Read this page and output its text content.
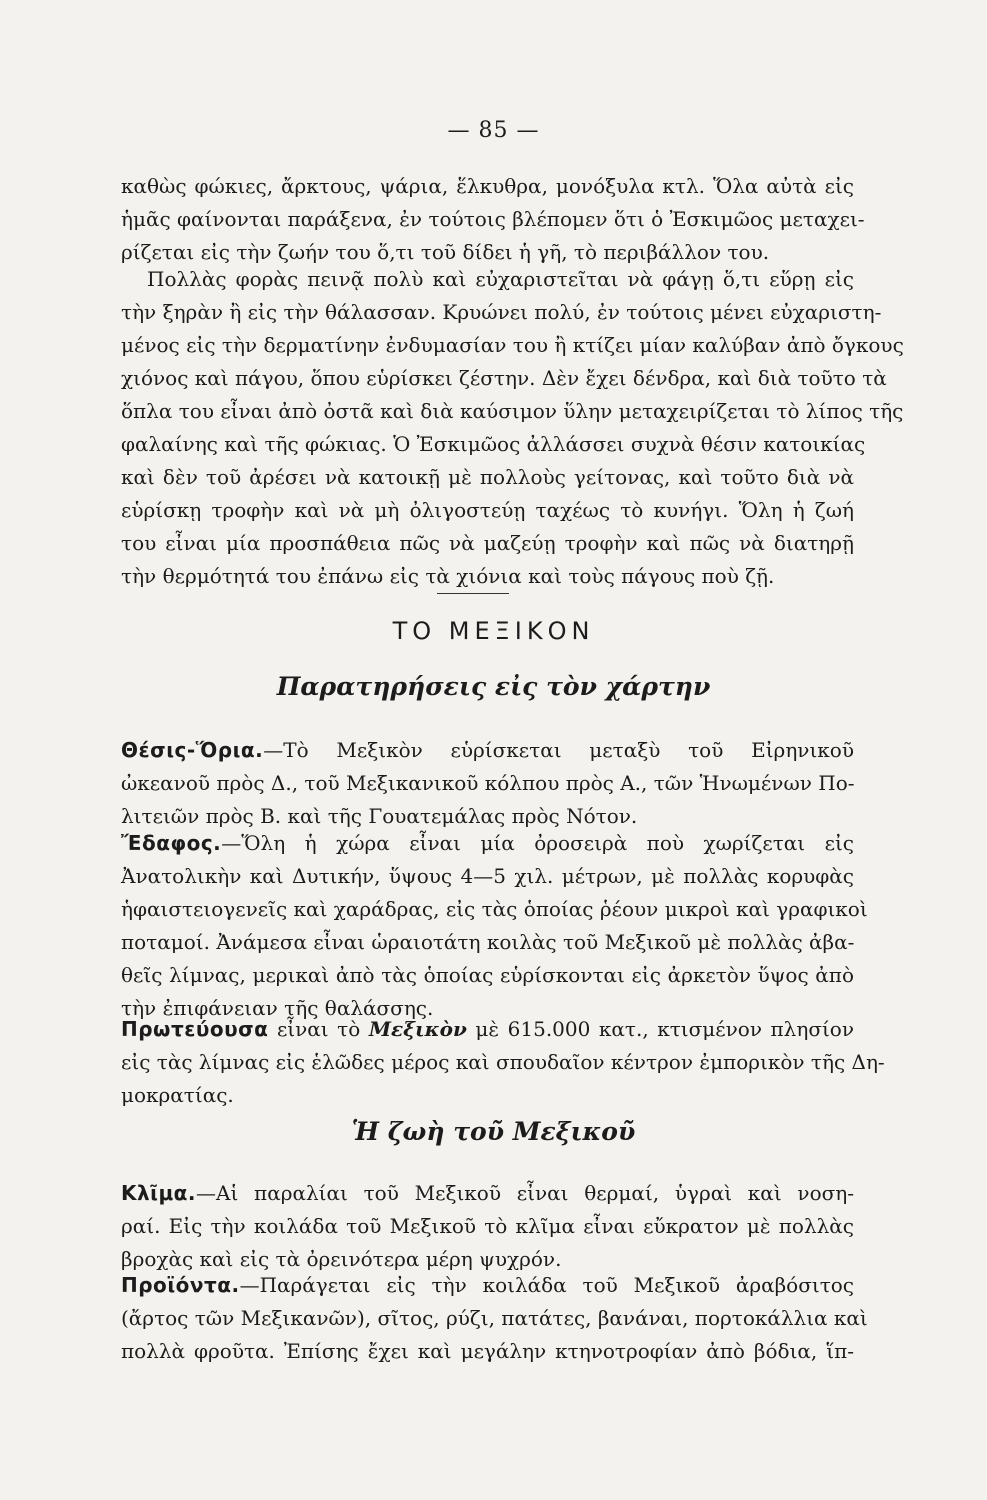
— 85 —
καθὼς φώκιες, ἄρκτους, ψάρια, ἕλκυθρα, μονόξυλα κτλ. Ὅλα αὐτὰ εἰς
ἡμᾶς φαίνονται παράξενα, ἐν τούτοις βλέπομεν ὅτι ὁ Ἐσκιμῶος μεταχει-
ρίζεται εἰς τὴν ζωήν του ὅ,τι τοῦ δίδει ἡ γῆ, τὸ περιβάλλον του.
Πολλὰς φορὰς πεινᾷ πολὺ καὶ εὐχαριστεῖται νὰ φάγῃ ὅ,τι εὕρῃ εἰς
τὴν ξηρὰν ἢ εἰς τὴν θάλασσαν. Κρυώνει πολύ, ἐν τούτοις μένει εὐχαριστη-
μένος εἰς τὴν δερματίνην ἐνδυμασίαν του ἢ κτίζει μίαν καλύβαν ἀπὸ ὄγκους
χιόνος καὶ πάγου, ὅπου εὑρίσκει ζέστην. Δὲν ἔχει δένδρα, καὶ διὰ τοῦτο τὰ
ὅπλα του εἶναι ἀπὸ ὀστᾶ καὶ διὰ καύσιμον ὕλην μεταχειρίζεται τὸ λίπος τῆς
φαλαίνης καὶ τῆς φώκιας. Ὁ Ἐσκιμῶος ἀλλάσσει συχνὰ θέσιν κατοικίας
καὶ δὲν τοῦ ἀρέσει νὰ κατοικῇ μὲ πολλοὺς γείτονας, καὶ τοῦτο διὰ νὰ
εὑρίσκῃ τροφὴν καὶ νὰ μὴ ὀλιγοστεύῃ ταχέως τὸ κυνήγι. Ὅλη ἡ ζωή
του εἶναι μία προσπάθεια πῶς νὰ μαζεύῃ τροφὴν καὶ πῶς νὰ διατηρῇ
τὴν θερμότητά του ἐπάνω εἰς τὰ χιόνια καὶ τοὺς πάγους ποὺ ζῇ.
ΤΟ ΜΕΞΙΚΟΝ
Παρατηρήσεις εἰς τὸν χάρτην
Θέσις-Ὅρια.—Τὸ Μεξικὸν εὑρίσκεται μεταξὺ τοῦ Εἰρηνικοῦ
ὠκεανοῦ πρὸς Δ., τοῦ Μεξικανικοῦ κόλπου πρὸς Α., τῶν Ἡνωμένων Πο-
λιτειῶν πρὸς Β. καὶ τῆς Γουατεμάλας πρὸς Νότον.
Ἔδαφος.—Ὅλη ἡ χώρα εἶναι μία ὀροσειρὰ ποὺ χωρίζεται εἰς
Ἀνατολικὴν καὶ Δυτικήν, ὕψους 4—5 χιλ. μέτρων, μὲ πολλὰς κορυφὰς
ἡφαιστειογενεῖς καὶ χαράδρας, εἰς τὰς ὁποίας ῥέουν μικροὶ καὶ γραφικοὶ
ποταμοί. Ἀνάμεσα εἶναι ὡραιοτάτη κοιλὰς τοῦ Μεξικοῦ μὲ πολλὰς ἀβα-
θεῖς λίμνας, μερικαὶ ἀπὸ τὰς ὁποίας εὑρίσκονται εἰς ἀρκετὸν ὕψος ἀπὸ
τὴν ἐπιφάνειαν τῆς θαλάσσης.
Πρωτεύουσα εἶναι τὸ Μεξικὸν μὲ 615.000 κατ., κτισμένον πλησίον
εἰς τὰς λίμνας εἰς ἑλῶδες μέρος καὶ σπουδαῖον κέντρον ἐμπορικὸν τῆς Δη-
μοκρατίας.
Ἡ ζωὴ τοῦ Μεξικοῦ
Κλῖμα.—Αἱ παραλίαι τοῦ Μεξικοῦ εἶναι θερμαί, ὑγραὶ καὶ νοση-
ραί. Εἰς τὴν κοιλάδα τοῦ Μεξικοῦ τὸ κλῖμα εἶναι εὔκρατον μὲ πολλὰς
βροχὰς καὶ εἰς τὰ ὀρεινότερα μέρη ψυχρόν.
Προϊόντα.—Παράγεται εἰς τὴν κοιλάδα τοῦ Μεξικοῦ ἀραβόσιτος
(ἄρτος τῶν Μεξικανῶν), σῖτος, ρύζι, πατάτες, βανάναι, πορτοκάλλια καὶ
πολλὰ φροῦτα. Ἐπίσης ἔχει καὶ μεγάλην κτηνοτροφίαν ἀπὸ βόδια, ἵπ-
